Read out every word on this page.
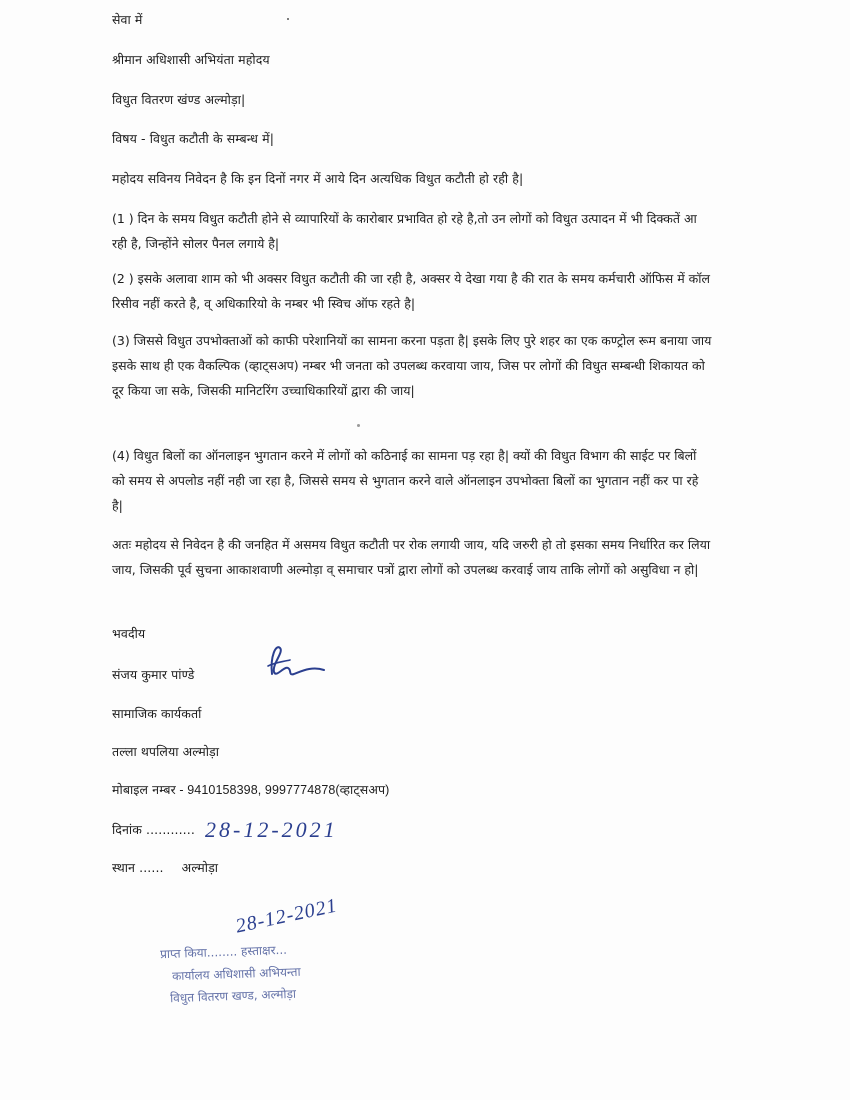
सेवा में
श्रीमान अधिशासी अभियंता महोदय
विधुत वितरण खंण्ड अल्मोड़ा|
विषय - विधुत कटौती के सम्बन्ध में|
महोदय सविनय निवेदन है कि इन दिनों नगर में आये दिन अत्यधिक विधुत कटौती हो रही है|
(1 ) दिन के समय विधुत कटौती होने से व्यापारियों के कारोबार प्रभावित हो रहे है,तो उन लोगों को विधुत उत्पादन में भी दिक्कतें आ रही है, जिन्होंने सोलर पैनल लगाये है|
(2 ) इसके अलावा शाम को भी अक्सर विधुत कटौती की जा रही है, अक्सर ये देखा गया है की रात के समय कर्मचारी ऑफिस में कॉल रिसीव नहीं करते है, व् अधिकारियो के नम्बर भी स्विच ऑफ रहते है|
(3) जिससे विधुत उपभोक्ताओं को काफी परेशानियों का सामना करना पड़ता है| इसके लिए पुरे शहर का एक कण्ट्रोल रूम बनाया जाय इसके साथ ही एक वैकल्पिक (व्हाट्सअप) नम्बर भी जनता को उपलब्ध करवाया जाय, जिस पर लोगों की विधुत सम्बन्धी शिकायत को दूर किया जा सके, जिसकी मानिटरिंग उच्चाधिकारियों द्वारा की जाय|
(4) विधुत बिलों का ऑनलाइन भुगतान करने में लोगों को कठिनाई का सामना पड़ रहा है| क्यों की विधुत विभाग की साईट पर बिलों को समय से अपलोड नहीं नही जा रहा है, जिससे समय से भुगतान करने वाले ऑनलाइन उपभोक्ता बिलों का भुगतान नहीं कर पा रहे है|
अतः महोदय से निवेदन है की जनहित में असमय विधुत कटौती पर रोक लगायी जाय, यदि जरुरी हो तो इसका समय निर्धारित कर लिया जाय, जिसकी पूर्व सुचना आकाशवाणी अल्मोड़ा व् समाचार पत्रों द्वारा लोगों को उपलब्ध करवाई जाय ताकि लोगों को असुविधा न हो|
भवदीय
संजय कुमार पांण्डे
सामाजिक कार्यकर्ता
तल्ला थपलिया अल्मोड़ा
मोबाइल नम्बर - 9410158398, 9997774878(व्हाट्सअप)
दिनांक ............ 28-12-2021
स्थान ...... अल्मोड़ा
28-12-2021
प्राप्त किया........ हस्ताक्षर...
कार्यालय अधिशासी अभियन्ता
विधुत वितरण खण्ड, अल्मोड़ा
